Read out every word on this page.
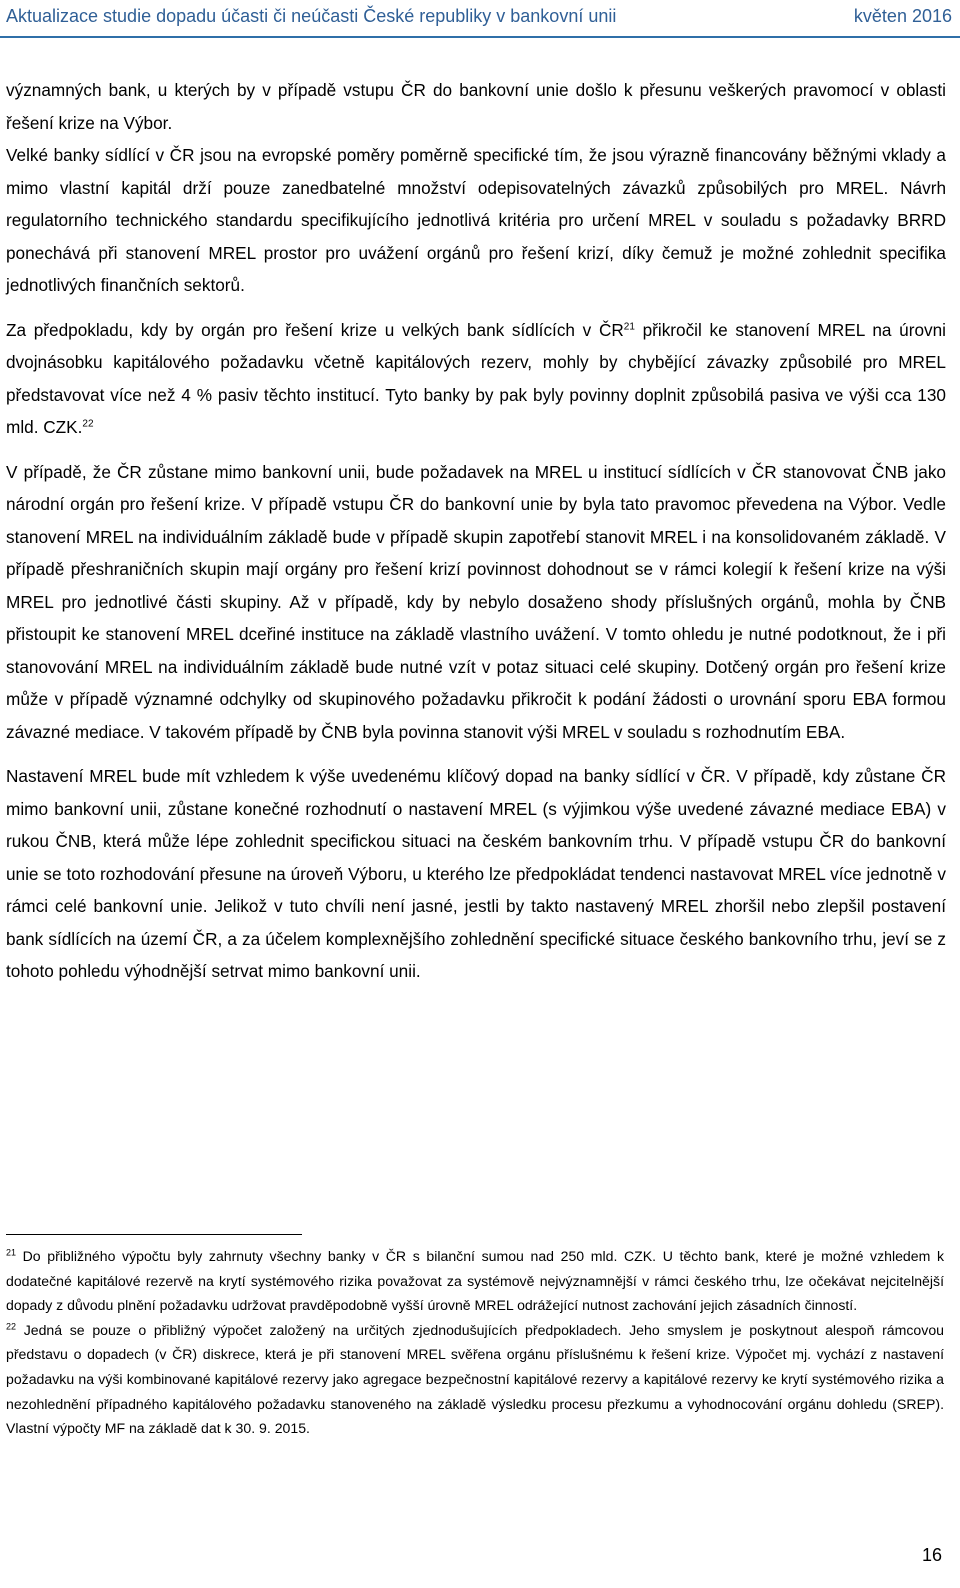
Aktualizace studie dopadu účasti či neúčasti České republiky v bankovní unii	květen 2016

významných bank, u kterých by v případě vstupu ČR do bankovní unie došlo k přesunu veškerých pravomocí v oblasti řešení krize na Výbor.

Velké banky sídlící v ČR jsou na evropské poměry poměrně specifické tím, že jsou výrazně financovány běžnými vklady a mimo vlastní kapitál drží pouze zanedbatelné množství odepisovatelných závazků způsobilých pro MREL. Návrh regulatorního technického standardu specifikujícího jednotlivá kritéria pro určení MREL v souladu s požadavky BRRD ponechává při stanovení MREL prostor pro uvážení orgánů pro řešení krizí, díky čemuž je možné zohlednit specifika jednotlivých finančních sektorů.

Za předpokladu, kdy by orgán pro řešení krize u velkých bank sídlících v ČR$^{21}$ přikročil ke stanovení MREL na úrovni dvojnásobku kapitálového požadavku včetně kapitálových rezerv, mohly by chybějící závazky způsobilé pro MREL představovat více než 4 % pasiv těchto institucí. Tyto banky by pak byly povinny doplnit způsobilá pasiva ve výši cca 130 mld. CZK.$^{22}$

V případě, že ČR zůstane mimo bankovní unii, bude požadavek na MREL u institucí sídlících v ČR stanovovat ČNB jako národní orgán pro řešení krize. V případě vstupu ČR do bankovní unie by byla tato pravomoc převedena na Výbor. Vedle stanovení MREL na individuálním základě bude v případě skupin zapotřebí stanovit MREL i na konsolidovaném základě. V případě přeshraničních skupin mají orgány pro řešení krizí povinnost dohodnout se v rámci kolegií k řešení krize na výši MREL pro jednotlivé části skupiny. Až v případě, kdy by nebylo dosaženo shody příslušných orgánů, mohla by ČNB přistoupit ke stanovení MREL dceřiné instituce na základě vlastního uvážení. V tomto ohledu je nutné podotknout, že i při stanovování MREL na individuálním základě bude nutné vzít v potaz situaci celé skupiny. Dotčený orgán pro řešení krize může v případě významné odchylky od skupinového požadavku přikročit k podání žádosti o urovnání sporu EBA formou závazné mediace. V takovém případě by ČNB byla povinna stanovit výši MREL v souladu s rozhodnutím EBA.

Nastavení MREL bude mít vzhledem k výše uvedenému klíčový dopad na banky sídlící v ČR. V případě, kdy zůstane ČR mimo bankovní unii, zůstane konečné rozhodnutí o nastavení MREL (s výjimkou výše uvedené závazné mediace EBA) v rukou ČNB, která může lépe zohlednit specifickou situaci na českém bankovním trhu. V případě vstupu ČR do bankovní unie se toto rozhodování přesune na úroveň Výboru, u kterého lze předpokládat tendenci nastavovat MREL více jednotně v rámci celé bankovní unie. Jelikož v tuto chvíli není jasné, jestli by takto nastavený MREL zhoršil nebo zlepšil postavení bank sídlících na území ČR, a za účelem komplexnějšího zohlednění specifické situace českého bankovního trhu, jeví se z tohoto pohledu výhodnější setrvat mimo bankovní unii.

$^{21}$ Do přibližného výpočtu byly zahrnuty všechny banky v ČR s bilanční sumou nad 250 mld. CZK. U těchto bank, které je možné vzhledem k dodatečné kapitálové rezervě na krytí systémového rizika považovat za systémově nejvýznamnější v rámci českého trhu, lze očekávat nejcitelnější dopady z důvodu plnění požadavku udržovat pravděpodobně vyšší úrovně MREL odrážející nutnost zachování jejich zásadních činností.

$^{22}$ Jedná se pouze o přibližný výpočet založený na určitých zjednodušujících předpokladech. Jeho smyslem je poskytnout alespoň rámcovou představu o dopadech (v ČR) diskrece, která je při stanovení MREL svěřena orgánu příslušnému k řešení krize. Výpočet mj. vychází z nastavení požadavku na výši kombinované kapitálové rezervy jako agregace bezpečnostní kapitálové rezervy a kapitálové rezervy ke krytí systémového rizika a nezohlednění případného kapitálového požadavku stanoveného na základě výsledku procesu přezkumu a vyhodnocování orgánu dohledu (SREP). Vlastní výpočty MF na základě dat k 30. 9. 2015.

16
